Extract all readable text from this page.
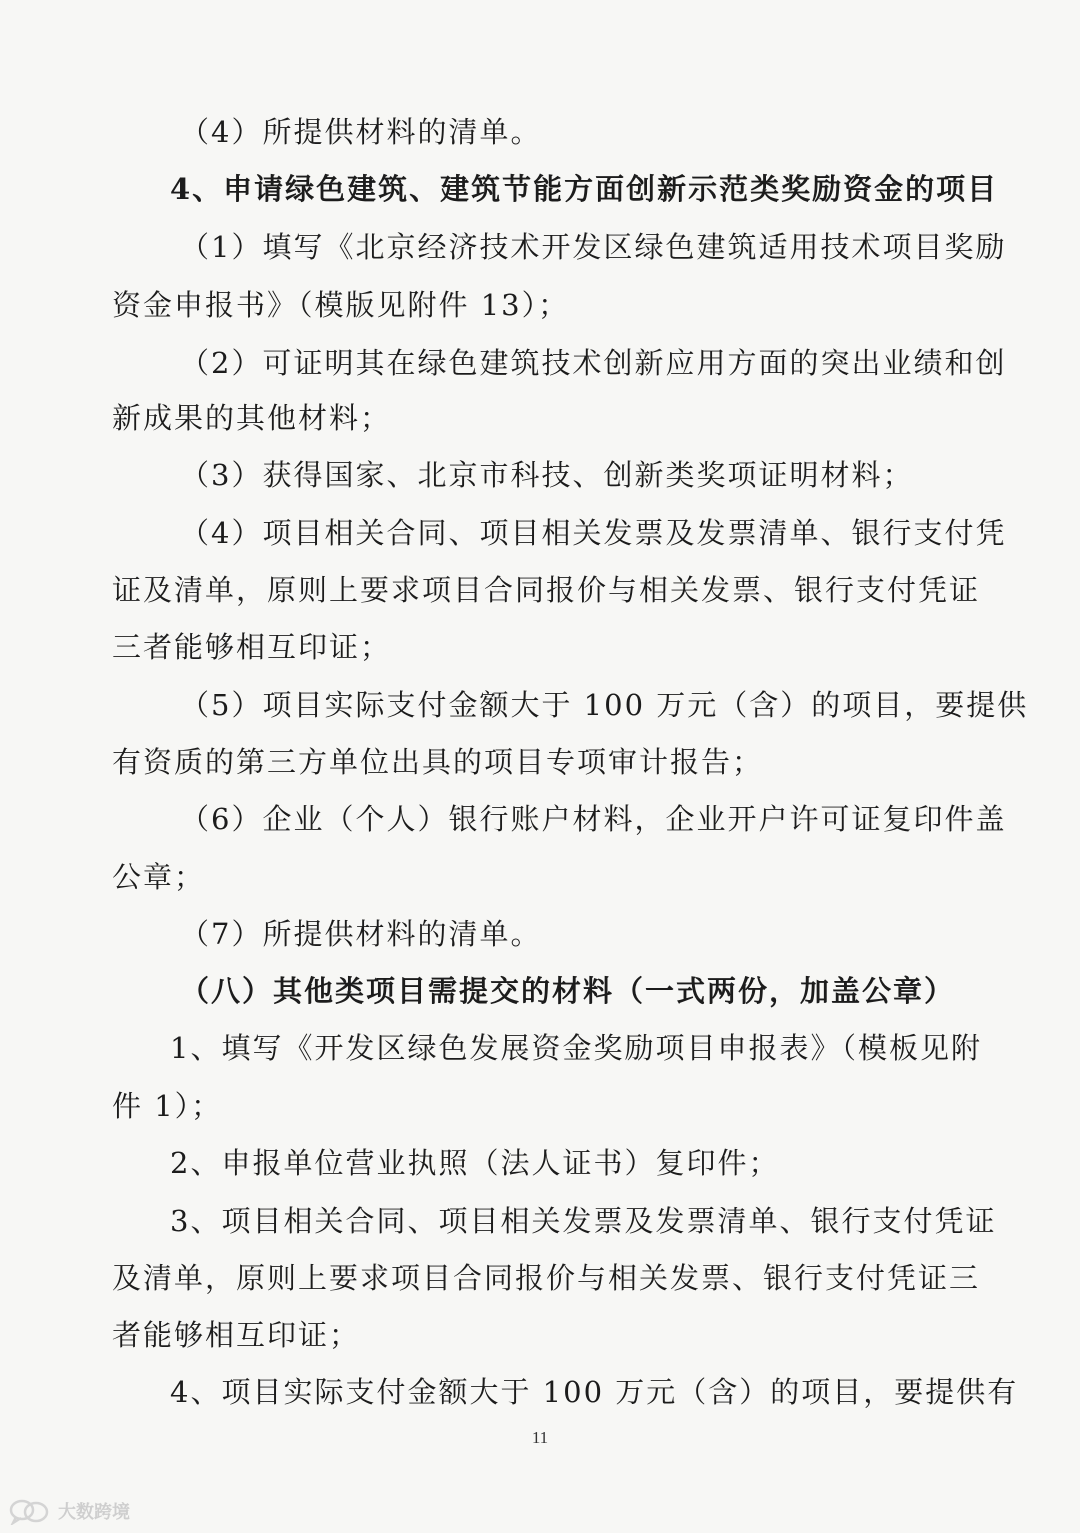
（4）所提供材料的清单。
4、申请绿色建筑、建筑节能方面创新示范类奖励资金的项目
（1）填写《北京经济技术开发区绿色建筑适用技术项目奖励
资金申报书》（模版见附件 13）；
（2）可证明其在绿色建筑技术创新应用方面的突出业绩和创
新成果的其他材料；
（3）获得国家、北京市科技、创新类奖项证明材料；
（4）项目相关合同、项目相关发票及发票清单、银行支付凭
证及清单，原则上要求项目合同报价与相关发票、银行支付凭证
三者能够相互印证；
（5）项目实际支付金额大于 100 万元（含）的项目，要提供
有资质的第三方单位出具的项目专项审计报告；
（6）企业（个人）银行账户材料，企业开户许可证复印件盖
公章；
（7）所提供材料的清单。
（八）其他类项目需提交的材料（一式两份，加盖公章）
1、填写《开发区绿色发展资金奖励项目申报表》（模板见附
件 1）；
2、申报单位营业执照（法人证书）复印件；
3、项目相关合同、项目相关发票及发票清单、银行支付凭证
及清单，原则上要求项目合同报价与相关发票、银行支付凭证三
者能够相互印证；
4、项目实际支付金额大于 100 万元（含）的项目，要提供有
11
大数跨境
